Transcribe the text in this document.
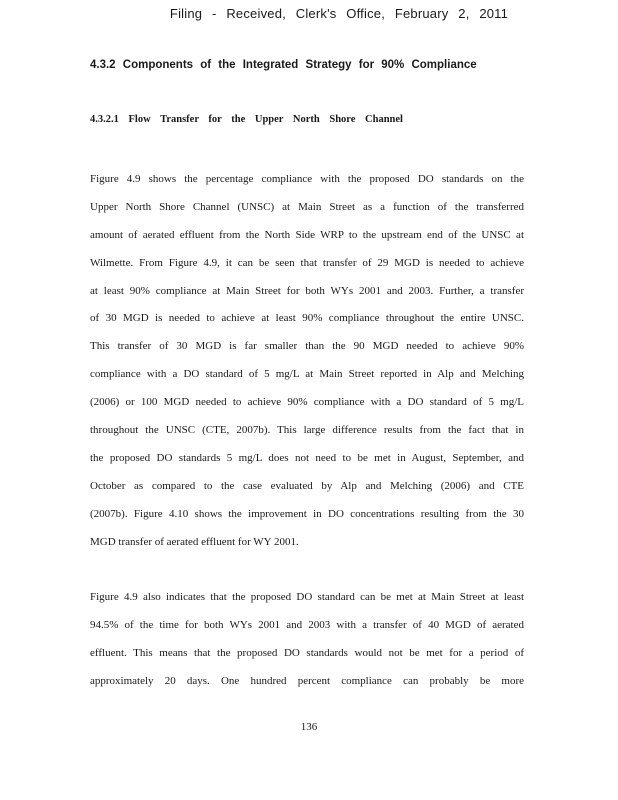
Filing - Received, Clerk's Office, February 2, 2011
4.3.2 Components of the Integrated Strategy for 90% Compliance
4.3.2.1 Flow Transfer for the Upper North Shore Channel
Figure 4.9 shows the percentage compliance with the proposed DO standards on the
Upper North Shore Channel (UNSC) at Main Street as a function of the transferred
amount of aerated effluent from the North Side WRP to the upstream end of the UNSC at
Wilmette. From Figure 4.9, it can be seen that transfer of 29 MGD is needed to achieve
at least 90% compliance at Main Street for both WYs 2001 and 2003. Further, a transfer
of 30 MGD is needed to achieve at least 90% compliance throughout the entire UNSC.
This transfer of 30 MGD is far smaller than the 90 MGD needed to achieve 90%
compliance with a DO standard of 5 mg/L at Main Street reported in Alp and Melching
(2006) or 100 MGD needed to achieve 90% compliance with a DO standard of 5 mg/L
throughout the UNSC (CTE, 2007b). This large difference results from the fact that in
the proposed DO standards 5 mg/L does not need to be met in August, September, and
October as compared to the case evaluated by Alp and Melching (2006) and CTE
(2007b). Figure 4.10 shows the improvement in DO concentrations resulting from the 30
MGD transfer of aerated effluent for WY 2001.
Figure 4.9 also indicates that the proposed DO standard can be met at Main Street at least
94.5% of the time for both WYs 2001 and 2003 with a transfer of 40 MGD of aerated
effluent. This means that the proposed DO standards would not be met for a period of
approximately 20 days. One hundred percent compliance can probably be more
136
